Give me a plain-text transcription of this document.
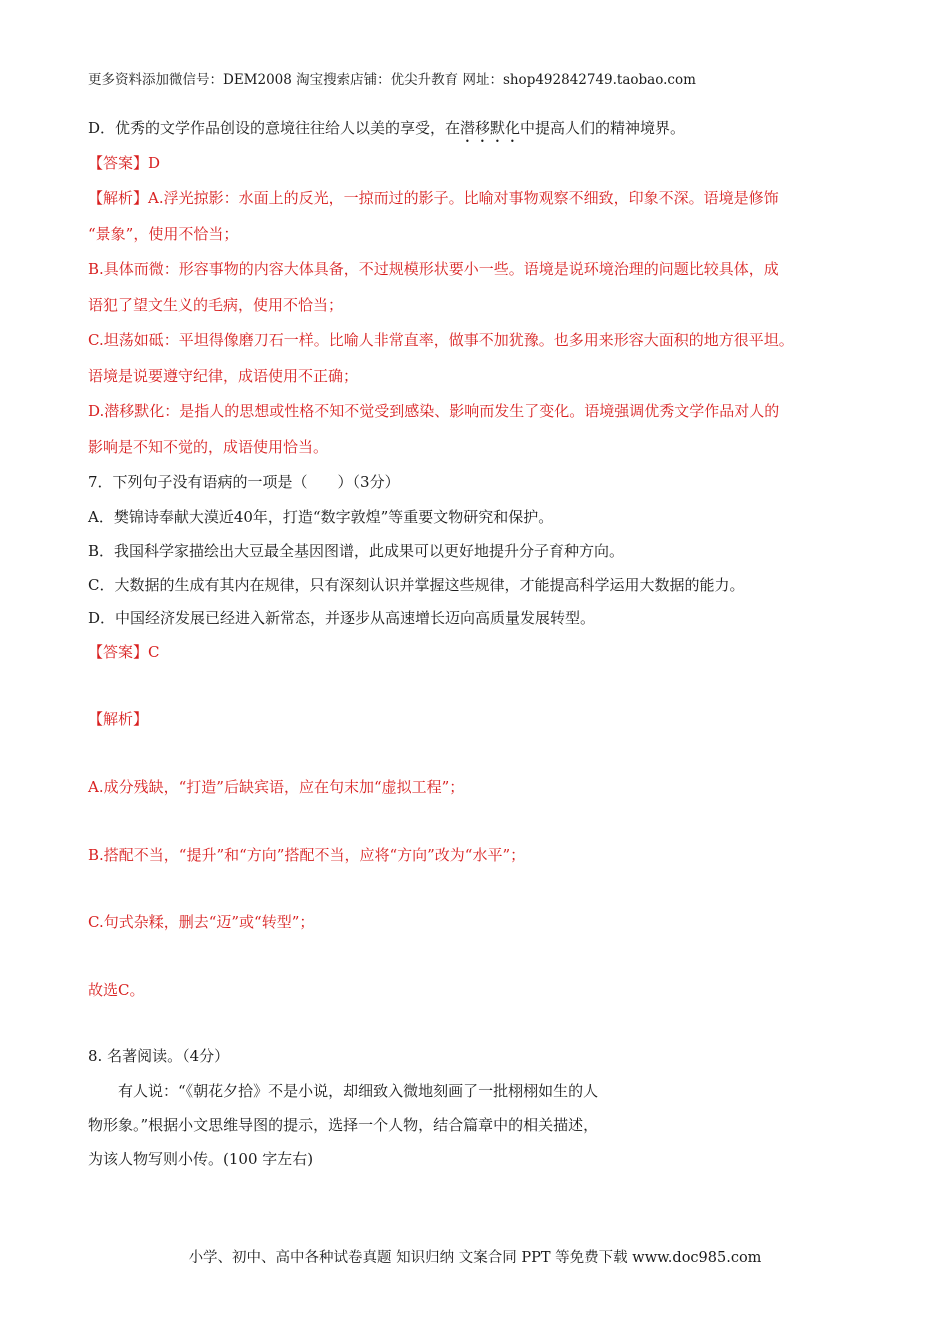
更多资料添加微信号：DEM2008 淘宝搜索店铺：优尖升教育 网址：shop492842749.taobao.com
D．优秀的文学作品创设的意境往往给人以美的享受，在潜移默化中提高人们的精神境界。
【答案】D
【解析】A.浮光掠影：水面上的反光，一掠而过的影子。比喻对事物观察不细致，印象不深。语境是修饰
“景象”，使用不恰当；
B.具体而微：形容事物的内容大体具备，不过规模形状要小一些。语境是说环境治理的问题比较具体，成
语犯了望文生义的毛病，使用不恰当；
C.坦荡如砥：平坦得像磨刀石一样。比喻人非常直率，做事不加犹豫。也多用来形容大面积的地方很平坦。
语境是说要遵守纪律，成语使用不正确；
D.潜移默化：是指人的思想或性格不知不觉受到感染、影响而发生了变化。语境强调优秀文学作品对人的
影响是不知不觉的，成语使用恰当。
7．下列句子没有语病的一项是（　　）（3分）
A．樊锦诗奉献大漠近40年，打造“数字敦煌”等重要文物研究和保护。
B．我国科学家描绘出大豆最全基因图谱，此成果可以更好地提升分子育种方向。
C．大数据的生成有其内在规律，只有深刻认识并掌握这些规律，才能提高科学运用大数据的能力。
D．中国经济发展已经进入新常态，并逐步从高速增长迈向高质量发展转型。
【答案】C
【解析】
A.成分残缺，“打造”后缺宾语，应在句末加“虚拟工程”；
B.搭配不当，“提升”和“方向”搭配不当，应将“方向”改为“水平”；
C.句式杂糅，删去“迈”或“转型”；
故选C。
8. 名著阅读。（4分）
有人说：“《朝花夕拾》不是小说，却细致入微地刻画了一批栩栩如生的人
物形象。”根据小文思维导图的提示，选择一个人物，结合篇章中的相关描述，
为该人物写则小传。(100 字左右)
小学、初中、高中各种试卷真题 知识归纳 文案合同 PPT 等免费下载 www.doc985.com
